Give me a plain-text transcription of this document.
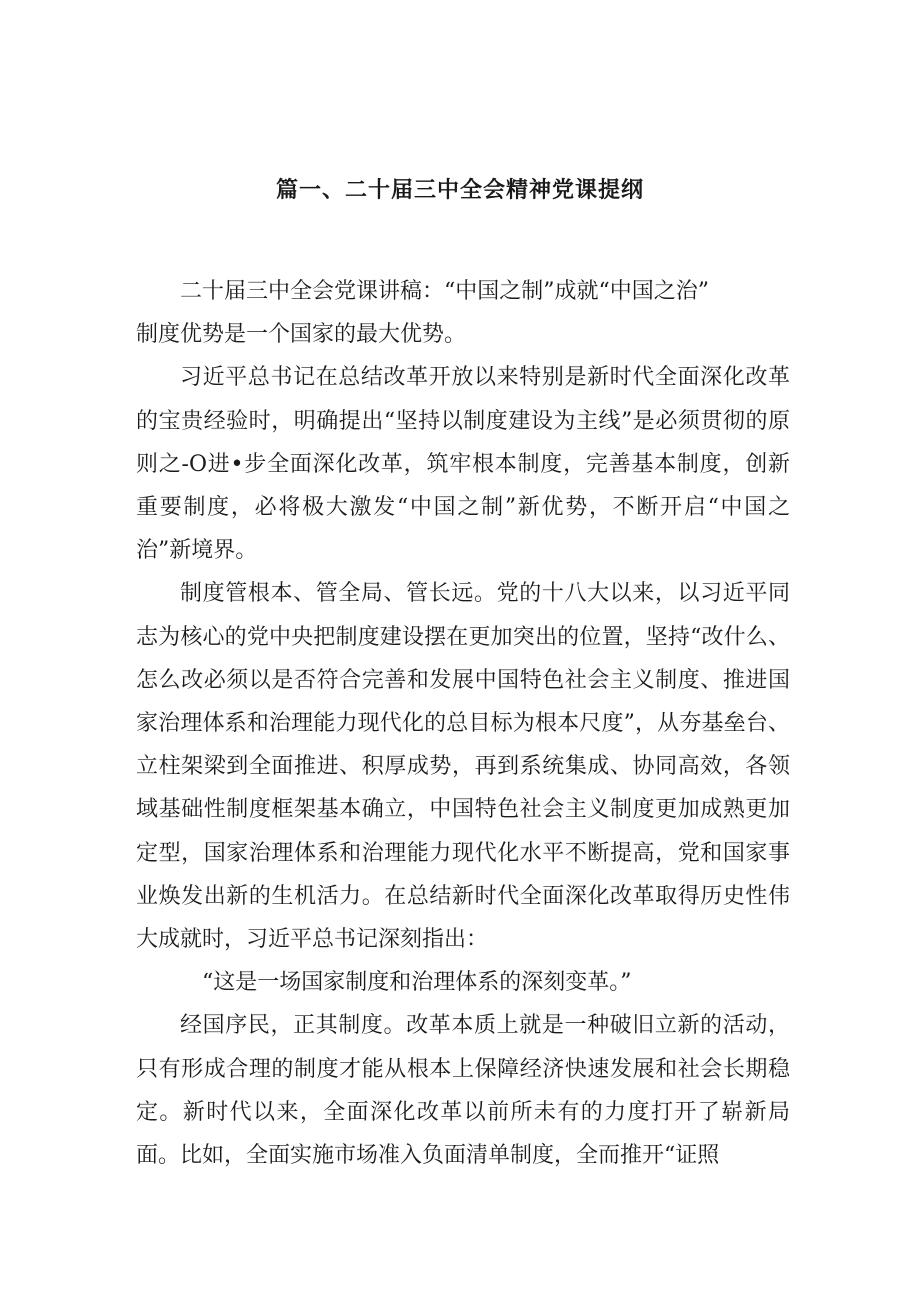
篇一、二十届三中全会精神党课提纲

二十届三中全会党课讲稿：“中国之制”成就“中国之治”

制度优势是一个国家的最大优势。

习近平总书记在总结改革开放以来特别是新时代全面深化改革的宝贵经验时，明确提出“坚持以制度建设为主线”是必须贯彻的原则之-O进•步全面深化改革，筑牢根本制度，完善基本制度，创新重要制度，必将极大激发“中国之制”新优势，不断开启“中国之治”新境界。

制度管根本、管全局、管长远。党的十八大以来，以习近平同志为核心的党中央把制度建设摆在更加突出的位置，坚持“改什么、怎么改必须以是否符合完善和发展中国特色社会主义制度、推进国家治理体系和治理能力现代化的总目标为根本尺度”，从夯基垒台、立柱架梁到全面推进、积厚成势，再到系统集成、协同高效，各领域基础性制度框架基本确立，中国特色社会主义制度更加成熟更加定型，国家治理体系和治理能力现代化水平不断提高，党和国家事业焕发出新的生机活力。在总结新时代全面深化改革取得历史性伟大成就时，习近平总书记深刻指出：

“这是一场国家制度和治理体系的深刻变革。”

经国序民，正其制度。改革本质上就是一种破旧立新的活动，只有形成合理的制度才能从根本上保障经济快速发展和社会长期稳定。新时代以来，全面深化改革以前所未有的力度打开了崭新局面。比如，全面实施市场准入负面清单制度，全而推开“证照
